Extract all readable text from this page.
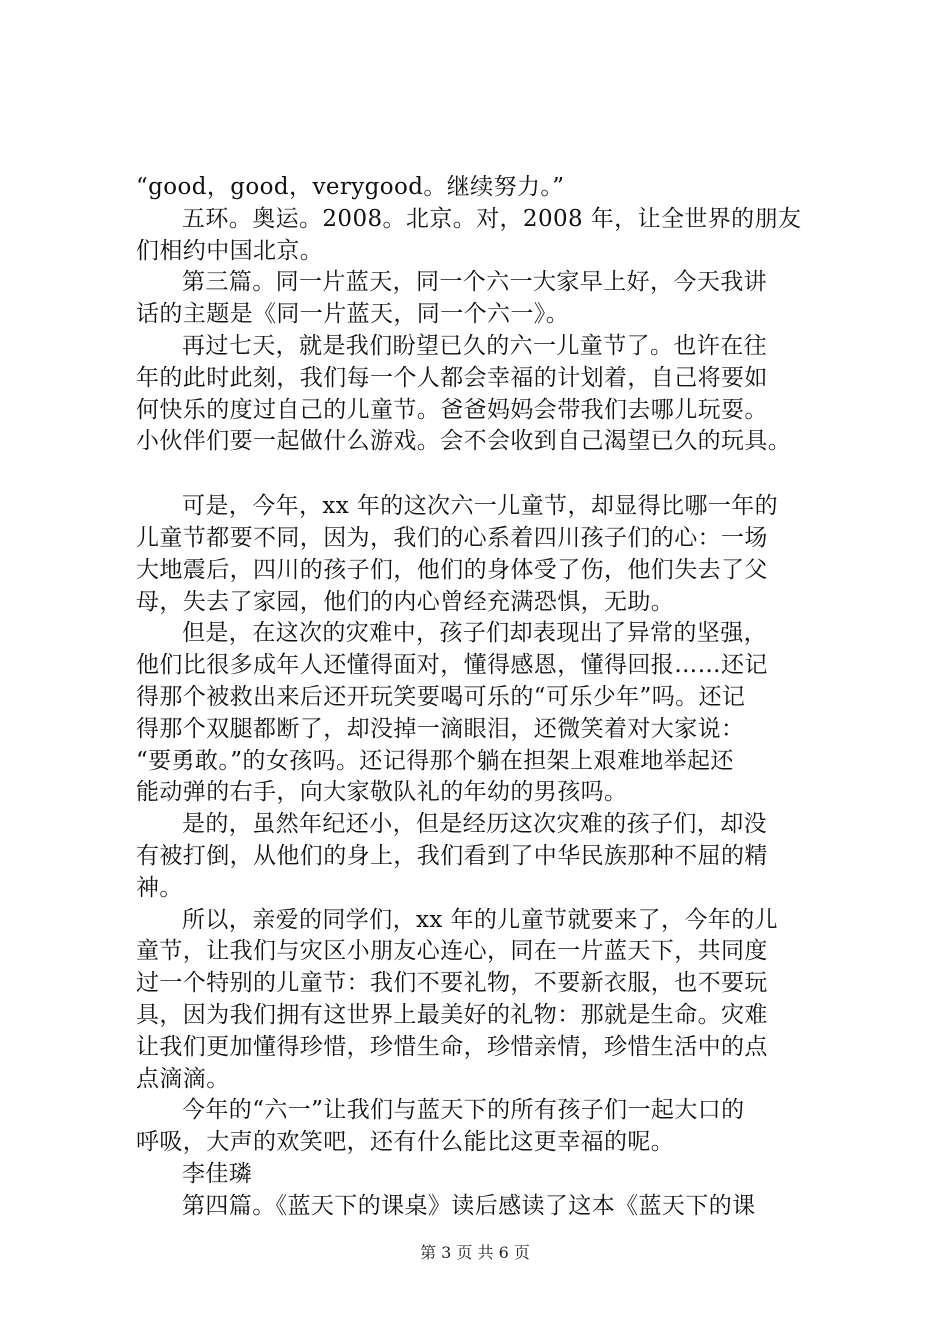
“good，good，verygood。继续努力。”
五环。奥运。2008。北京。对，2008 年，让全世界的朋友
们相约中国北京。
第三篇。同一片蓝天，同一个六一大家早上好，今天我讲
话的主题是《同一片蓝天，同一个六一》。
再过七天，就是我们盼望已久的六一儿童节了。也许在往
年的此时此刻，我们每一个人都会幸福的计划着，自己将要如
何快乐的度过自己的儿童节。爸爸妈妈会带我们去哪儿玩耍。
小伙伴们要一起做什么游戏。会不会收到自己渴望已久的玩具。
可是，今年，xx 年的这次六一儿童节，却显得比哪一年的
儿童节都要不同，因为，我们的心系着四川孩子们的心：一场
大地震后，四川的孩子们，他们的身体受了伤，他们失去了父
母，失去了家园，他们的内心曾经充满恐惧，无助。
但是，在这次的灾难中，孩子们却表现出了异常的坚强，
他们比很多成年人还懂得面对，懂得感恩，懂得回报……还记
得那个被救出来后还开玩笑要喝可乐的“可乐少年”吗。还记
得那个双腿都断了，却没掉一滴眼泪，还微笑着对大家说：
“要勇敢。”的女孩吗。还记得那个躺在担架上艰难地举起还
能动弹的右手，向大家敬队礼的年幼的男孩吗。
是的，虽然年纪还小，但是经历这次灾难的孩子们，却没
有被打倒，从他们的身上，我们看到了中华民族那种不屈的精
神。
所以，亲爱的同学们，xx 年的儿童节就要来了，今年的儿
童节，让我们与灾区小朋友心连心，同在一片蓝天下，共同度
过一个特别的儿童节：我们不要礼物，不要新衣服，也不要玩
具，因为我们拥有这世界上最美好的礼物：那就是生命。灾难
让我们更加懂得珍惜，珍惜生命，珍惜亲情，珍惜生活中的点
点滴滴。
今年的“六一”让我们与蓝天下的所有孩子们一起大口的
呼吸，大声的欢笑吧，还有什么能比这更幸福的呢。
李佳璘
第四篇。《蓝天下的课桌》读后感读了这本《蓝天下的课
第 3 页 共 6 页
